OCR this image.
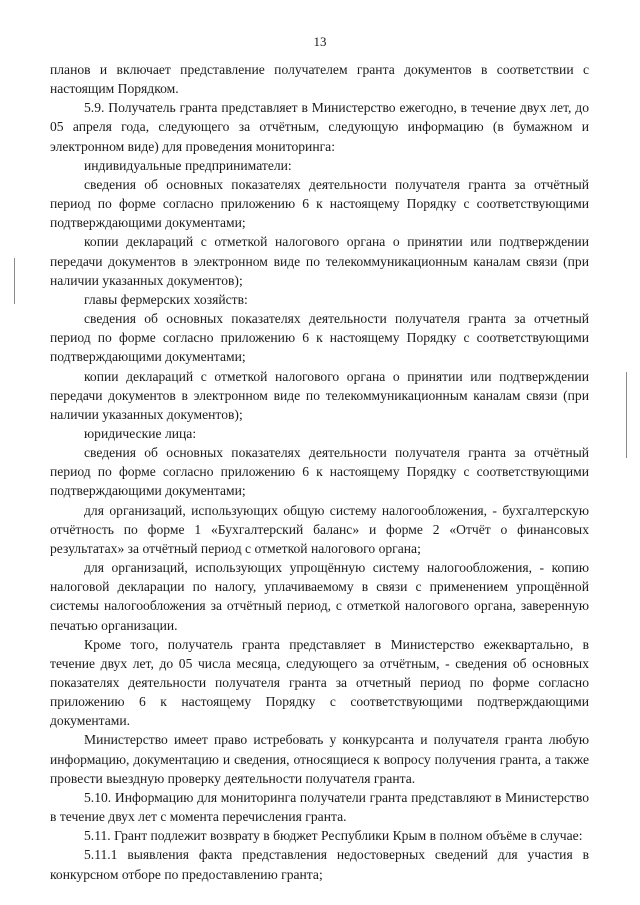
13

планов и включает представление получателем гранта документов в соответствии с настоящим Порядком.

5.9. Получатель гранта представляет в Министерство ежегодно, в течение двух лет, до 05 апреля года, следующего за отчётным, следующую информацию (в бумажном и электронном виде) для проведения мониторинга:

индивидуальные предприниматели:

сведения об основных показателях деятельности получателя гранта за отчётный период по форме согласно приложению 6 к настоящему Порядку с соответствующими подтверждающими документами;

копии деклараций с отметкой налогового органа о принятии или подтверждении передачи документов в электронном виде по телекоммуникационным каналам связи (при наличии указанных документов);

главы фермерских хозяйств:

сведения об основных показателях деятельности получателя гранта за отчетный период по форме согласно приложению 6 к настоящему Порядку с соответствующими подтверждающими документами;

копии деклараций с отметкой налогового органа о принятии или подтверждении передачи документов в электронном виде по телекоммуникационным каналам связи (при наличии указанных документов);

юридические лица:

сведения об основных показателях деятельности получателя гранта за отчётный период по форме согласно приложению 6 к настоящему Порядку с соответствующими подтверждающими документами;

для организаций, использующих общую систему налогообложения, - бухгалтерскую отчётность по форме 1 «Бухгалтерский баланс» и форме 2 «Отчёт о финансовых результатах» за отчётный период с отметкой налогового органа;

для организаций, использующих упрощённую систему налогообложения, - копию налоговой декларации по налогу, уплачиваемому в связи с применением упрощённой системы налогообложения за отчётный период, с отметкой налогового органа, заверенную печатью организации.

Кроме того, получатель гранта представляет в Министерство ежеквартально, в течение двух лет, до 05 числа месяца, следующего за отчётным, - сведения об основных показателях деятельности получателя гранта за отчетный период по форме согласно приложению 6 к настоящему Порядку с соответствующими подтверждающими документами.

Министерство имеет право истребовать у конкурсанта и получателя гранта любую информацию, документацию и сведения, относящиеся к вопросу получения гранта, а также провести выездную проверку деятельности получателя гранта.

5.10. Информацию для мониторинга получатели гранта представляют в Министерство в течение двух лет с момента перечисления гранта.

5.11. Грант подлежит возврату в бюджет Республики Крым в полном объёме в случае:

5.11.1 выявления факта представления недостоверных сведений для участия в конкурсном отборе по предоставлению гранта;
